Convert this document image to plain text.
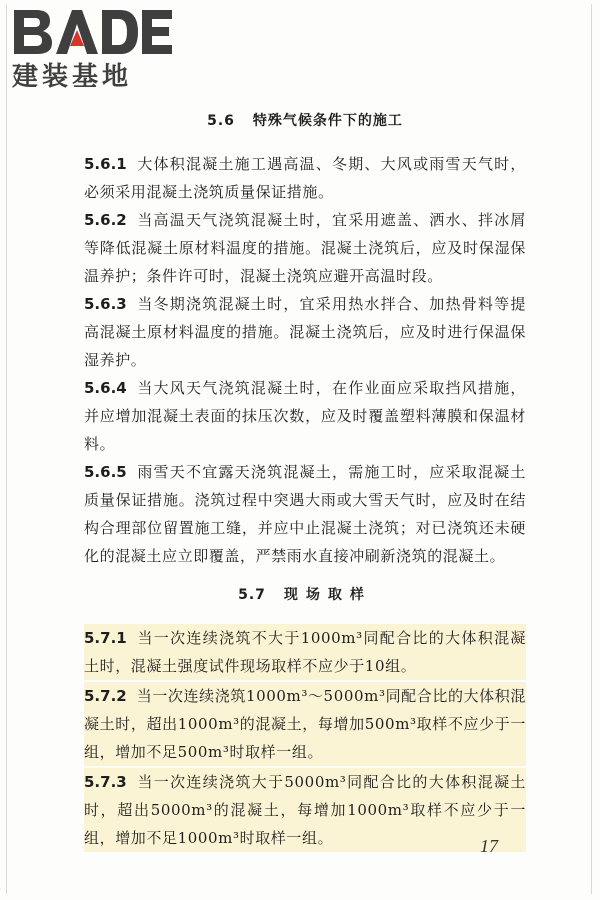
建装基地
5.6 特殊气候条件下的施工

5.6.1 大体积混凝土施工遇高温、冬期、大风或雨雪天气时，必须采用混凝土浇筑质量保证措施。

5.6.2 当高温天气浇筑混凝土时，宜采用遮盖、洒水、拌冰屑等降低混凝土原材料温度的措施。混凝土浇筑后，应及时保湿保温养护；条件许可时，混凝土浇筑应避开高温时段。

5.6.3 当冬期浇筑混凝土时，宜采用热水拌合、加热骨料等提高混凝土原材料温度的措施。混凝土浇筑后，应及时进行保温保湿养护。

5.6.4 当大风天气浇筑混凝土时，在作业面应采取挡风措施，并应增加混凝土表面的抹压次数，应及时覆盖塑料薄膜和保温材料。

5.6.5 雨雪天不宜露天浇筑混凝土，需施工时，应采取混凝土质量保证措施。浇筑过程中突遇大雨或大雪天气时，应及时在结构合理部位留置施工缝，并应中止混凝土浇筑；对已浇筑还未硬化的混凝土应立即覆盖，严禁雨水直接冲刷新浇筑的混凝土。

5.7 现场取样

5.7.1 当一次连续浇筑不大于1000m³同配合比的大体积混凝土时，混凝土强度试件现场取样不应少于10组。

5.7.2 当一次连续浇筑1000m³～5000m³同配合比的大体积混凝土时，超出1000m³的混凝土，每增加500m³取样不应少于一组，增加不足500m³时取样一组。

5.7.3 当一次连续浇筑大于5000m³同配合比的大体积混凝土时，超出5000m³的混凝土，每增加1000m³取样不应少于一组，增加不足1000m³时取样一组。	17
